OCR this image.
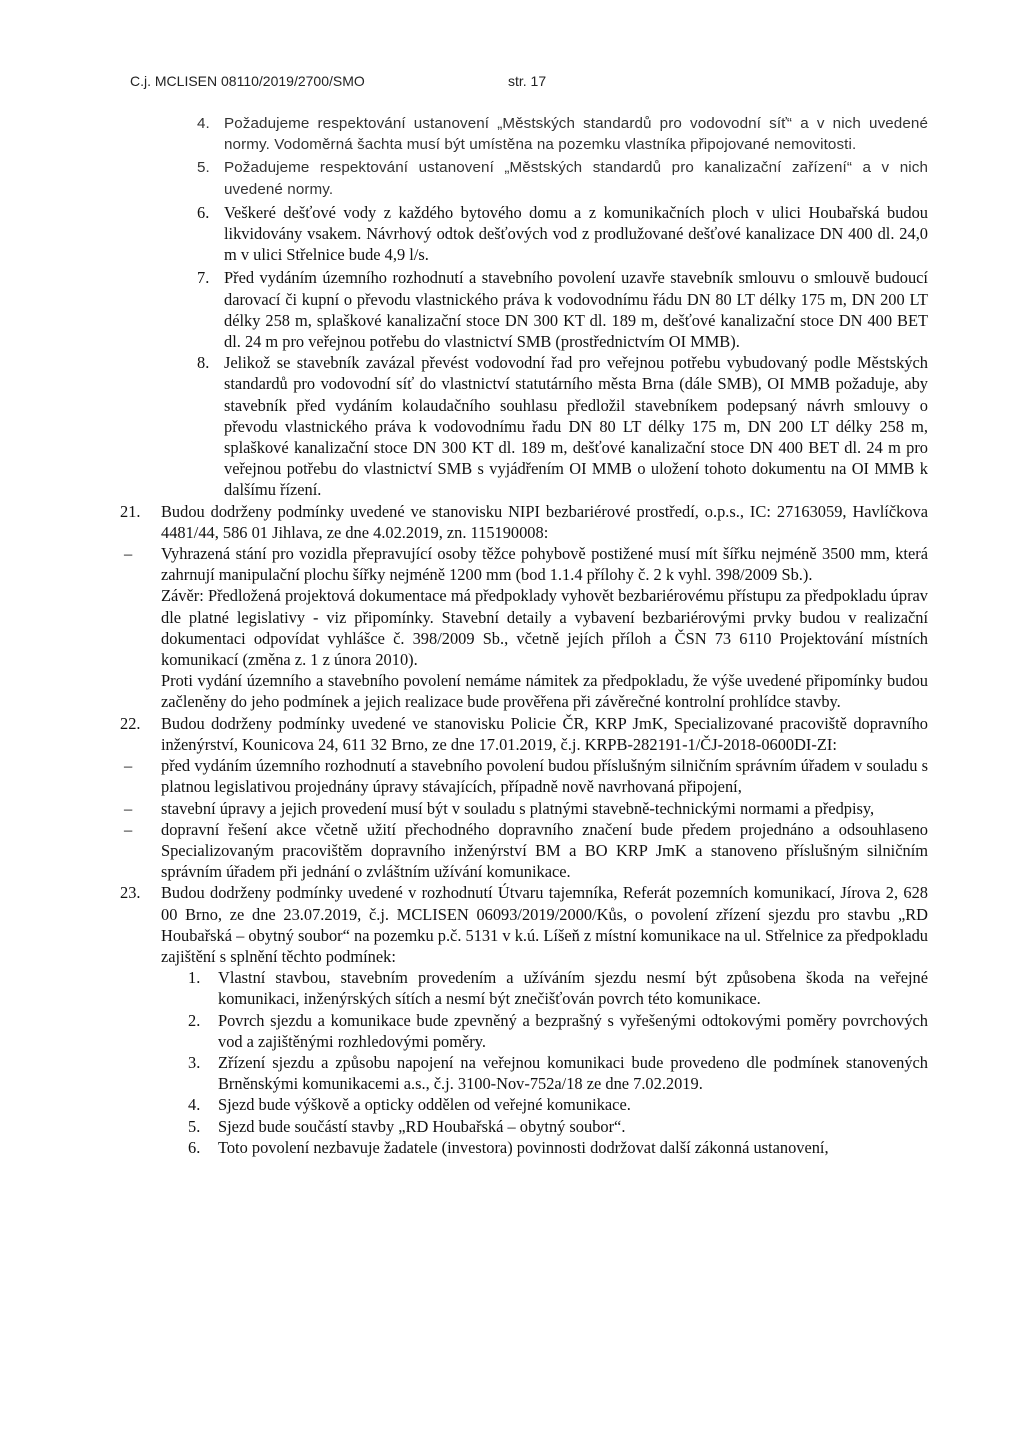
C.j. MCLISEN 08110/2019/2700/SMO	str. 17
4. Požadujeme respektování ustanovení „Městských standardů pro vodovodní síť“ a v nich uvedené normy. Vodoměrná šachta musí být umístěna na pozemku vlastníka připojované nemovitosti.
5. Požadujeme respektování ustanovení „Městských standardů pro kanalizační zařízení“ a v nich uvedené normy.
6. Veškeré dešťové vody z každého bytového domu a z komunikačních ploch v ulici Houbařská budou likvidovány vsakem. Návrhový odtok dešťových vod z prodlužované dešťové kanalizace DN 400 dl. 24,0 m v ulici Střelnice bude 4,9 l/s.
7. Před vydáním územního rozhodnutí a stavebního povolení uzavře stavebník smlouvu o smlouvě budoucí darovací či kupní o převodu vlastnického práva k vodovodnímu řádu DN 80 LT délky 175 m, DN 200 LT délky 258 m, splaškové kanalizační stoce DN 300 KT dl. 189 m, dešťové kanalizační stoce DN 400 BET dl. 24 m pro veřejnou potřebu do vlastnictví SMB (prostřednictvím OI MMB).
8. Jelikož se stavebník zavázal převést vodovodní řad pro veřejnou potřebu vybudovaný podle Městských standardů pro vodovodní síť do vlastnictví statutárního města Brna (dále SMB), OI MMB požaduje, aby stavebník před vydáním kolaudačního souhlasu předložil stavebníkem podepsaný návrh smlouvy o převodu vlastnického práva k vodovodnímu řadu DN 80 LT délky 175 m, DN 200 LT délky 258 m, splaškové kanalizační stoce DN 300 KT dl. 189 m, dešťové kanalizační stoce DN 400 BET dl. 24 m pro veřejnou potřebu do vlastnictví SMB s vyjádřením OI MMB o uložení tohoto dokumentu na OI MMB k dalšímu řízení.
21. Budou dodrženy podmínky uvedené ve stanovisku NIPI bezbariérové prostředí, o.p.s., IC: 27163059, Havlíčkova 4481/44, 586 01 Jihlava, ze dne 4.02.2019, zn. 115190008:
– Vyhrazená stání pro vozidla přepravující osoby těžce pohybově postižené musí mít šířku nejméně 3500 mm, která zahrnují manipulační plochu šířky nejméně 1200 mm (bod 1.1.4 přílohy č. 2 k vyhl. 398/2009 Sb.).
Závěr: Předložená projektová dokumentace má předpoklady vyhovět bezbariérovému přístupu za předpokladu úprav dle platné legislativy - viz připomínky. Stavební detaily a vybavení bezbariérovými prvky budou v realizační dokumentaci odpovídat vyhlášce č. 398/2009 Sb., včetně jejích příloh a ČSN 73 6110 Projektování místních komunikací (změna z. 1 z února 2010).
Proti vydání územního a stavebního povolení nemáme námitek za předpokladu, že výše uvedené připomínky budou začleněny do jeho podmínek a jejich realizace bude prověřena při závěrečné kontrolní prohlídce stavby.
22. Budou dodrženy podmínky uvedené ve stanovisku Policie ČR, KRP JmK, Specializované pracoviště dopravního inženýrství, Kounicova 24, 611 32 Brno, ze dne 17.01.2019, č.j. KRPB-282191-1/ČJ-2018-0600DI-ZI:
– před vydáním územního rozhodnutí a stavebního povolení budou příslušným silničním správním úřadem v souladu s platnou legislativou projednány úpravy stávajících, případně nově navrhovaná připojení,
– stavební úpravy a jejich provedení musí být v souladu s platnými stavebně-technickými normami a předpisy,
– dopravní řešení akce včetně užití přechodného dopravního značení bude předem projednáno a odsouhlaseno Specializovaným pracovištěm dopravního inženýrství BM a BO KRP JmK a stanoveno příslušným silničním správním úřadem při jednání o zvláštním užívání komunikace.
23. Budou dodrženy podmínky uvedené v rozhodnutí Útvaru tajemníka, Referát pozemních komunikací, Jírova 2, 628 00 Brno, ze dne 23.07.2019, č.j. MCLISEN 06093/2019/2000/Kůs, o povolení zřízení sjezdu pro stavbu „RD Houbařská – obytný soubor“ na pozemku p.č. 5131 v k.ú. Líšeň z místní komunikace na ul. Střelnice za předpokladu zajištění s splnění těchto podmínek:
1. Vlastní stavbou, stavebním provedením a užíváním sjezdu nesmí být způsobena škoda na veřejné komunikaci, inženýrských sítích a nesmí být znečišťován povrch této komunikace.
2. Povrch sjezdu a komunikace bude zpevněný a bezprašný s vyřešenými odtokovými poměry povrchových vod a zajištěnými rozhledovými poměry.
3. Zřízení sjezdu a způsobu napojení na veřejnou komunikaci bude provedeno dle podmínek stanovených Brněnskými komunikacemi a.s., č.j. 3100-Nov-752a/18 ze dne 7.02.2019.
4. Sjezd bude výškově a opticky oddělen od veřejné komunikace.
5. Sjezd bude součástí stavby „RD Houbařská – obytný soubor“.
6. Toto povolení nezbavuje žadatele (investora) povinnosti dodržovat další zákonná ustanovení,
